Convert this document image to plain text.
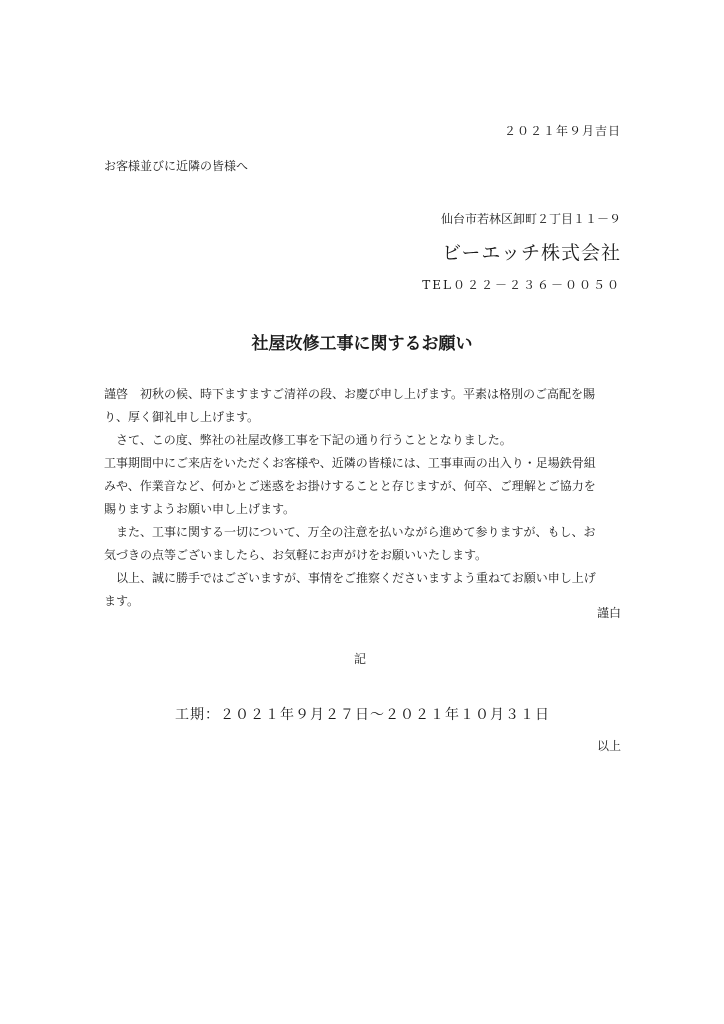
２０２１年９月吉日
お客様並びに近隣の皆様へ
仙台市若林区卸町２丁目１１－９
ビーエッチ株式会社
TEL０２２－２３６－００５０
社屋改修工事に関するお願い

謹啓　初秋の候、時下ますますご清祥の段、お慶び申し上げます。平素は格別のご高配を賜

り、厚く御礼申し上げます。

　さて、この度、弊社の社屋改修工事を下記の通り行うこととなりました。

工事期間中にご来店をいただくお客様や、近隣の皆様には、工事車両の出入り・足場鉄骨組

みや、作業音など、何かとご迷惑をお掛けすることと存じますが、何卒、ご理解とご協力を

賜りますようお願い申し上げます。

　また、工事に関する一切について、万全の注意を払いながら進めて参りますが、もし、お

気づきの点等ございましたら、お気軽にお声がけをお願いいたします。

　以上、誠に勝手ではございますが、事情をご推察くださいますよう重ねてお願い申し上げ

ます。

謹白
記
工期：２０２１年９月２７日～２０２１年１０月３１日
以上
